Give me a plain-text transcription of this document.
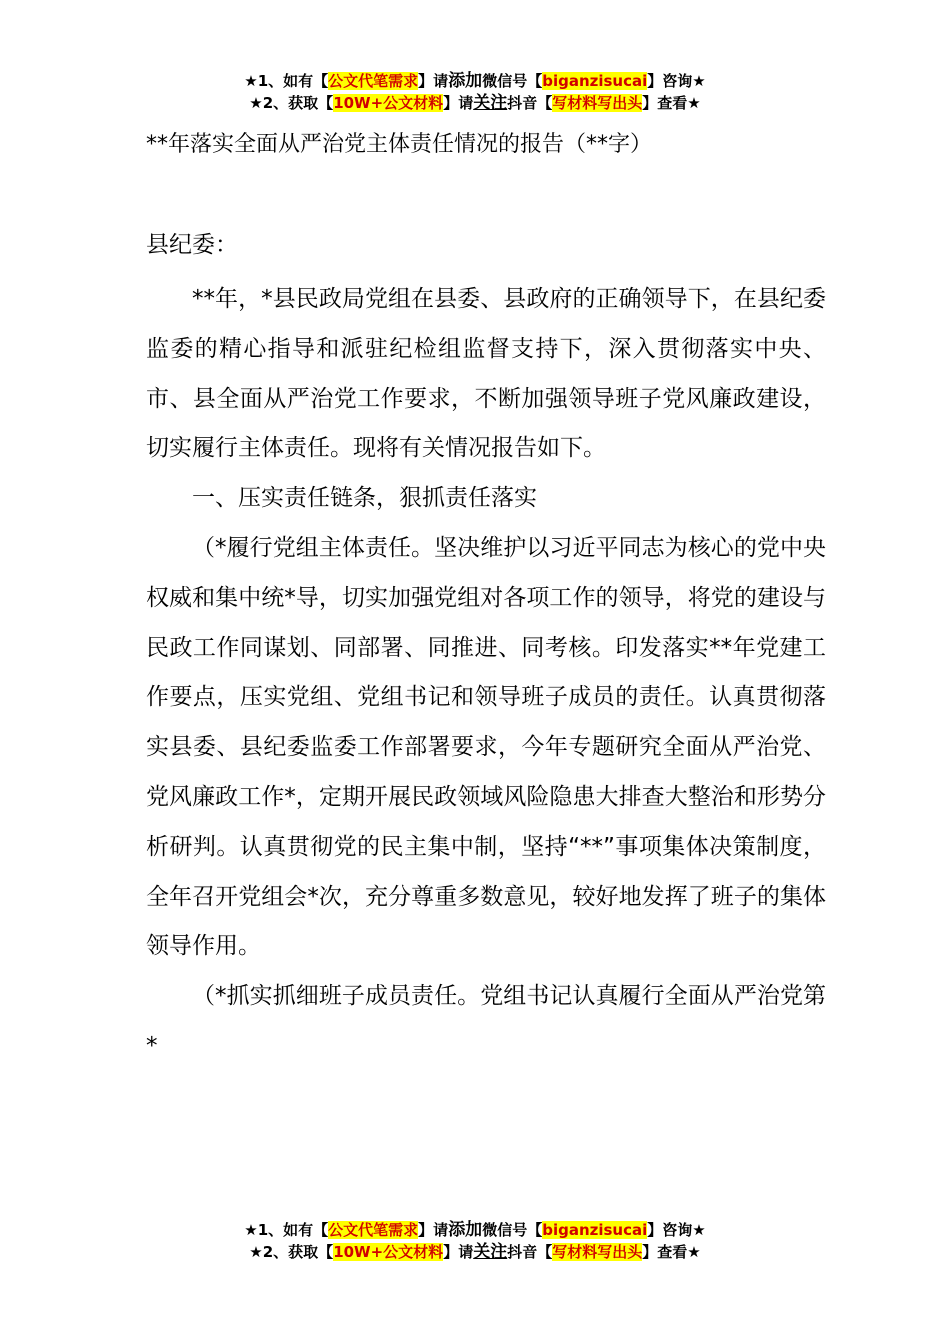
★1、如有【公文代笔需求】请添加微信号【biganzisucai】咨询★
★2、获取【10W+公文材料】请关注抖音【写材料写出头】查看★
**年落实全面从严治党主体责任情况的报告（**字）
县纪委：

**年，*县民政局党组在县委、县政府的正确领导下，在县纪委监委的精心指导和派驻纪检组监督支持下，深入贯彻落实中央、市、县全面从严治党工作要求，不断加强领导班子党风廉政建设，切实履行主体责任。现将有关情况报告如下。

一、压实责任链条，狠抓责任落实

（*履行党组主体责任。坚决维护以习近平同志为核心的党中央权威和集中统*导，切实加强党组对各项工作的领导，将党的建设与民政工作同谋划、同部署、同推进、同考核。印发落实**年党建工作要点，压实党组、党组书记和领导班子成员的责任。认真贯彻落实县委、县纪委监委工作部署要求，今年专题研究全面从严治党、党风廉政工作*，定期开展民政领域风险隐患大排查大整治和形势分析研判。认真贯彻党的民主集中制，坚持“**”事项集体决策制度，全年召开党组会*次，充分尊重多数意见，较好地发挥了班子的集体领导作用。

（*抓实抓细班子成员责任。党组书记认真履行全面从严治党第*

★1、如有【公文代笔需求】请添加微信号【biganzisucai】咨询★
★2、获取【10W+公文材料】请关注抖音【写材料写出头】查看★
